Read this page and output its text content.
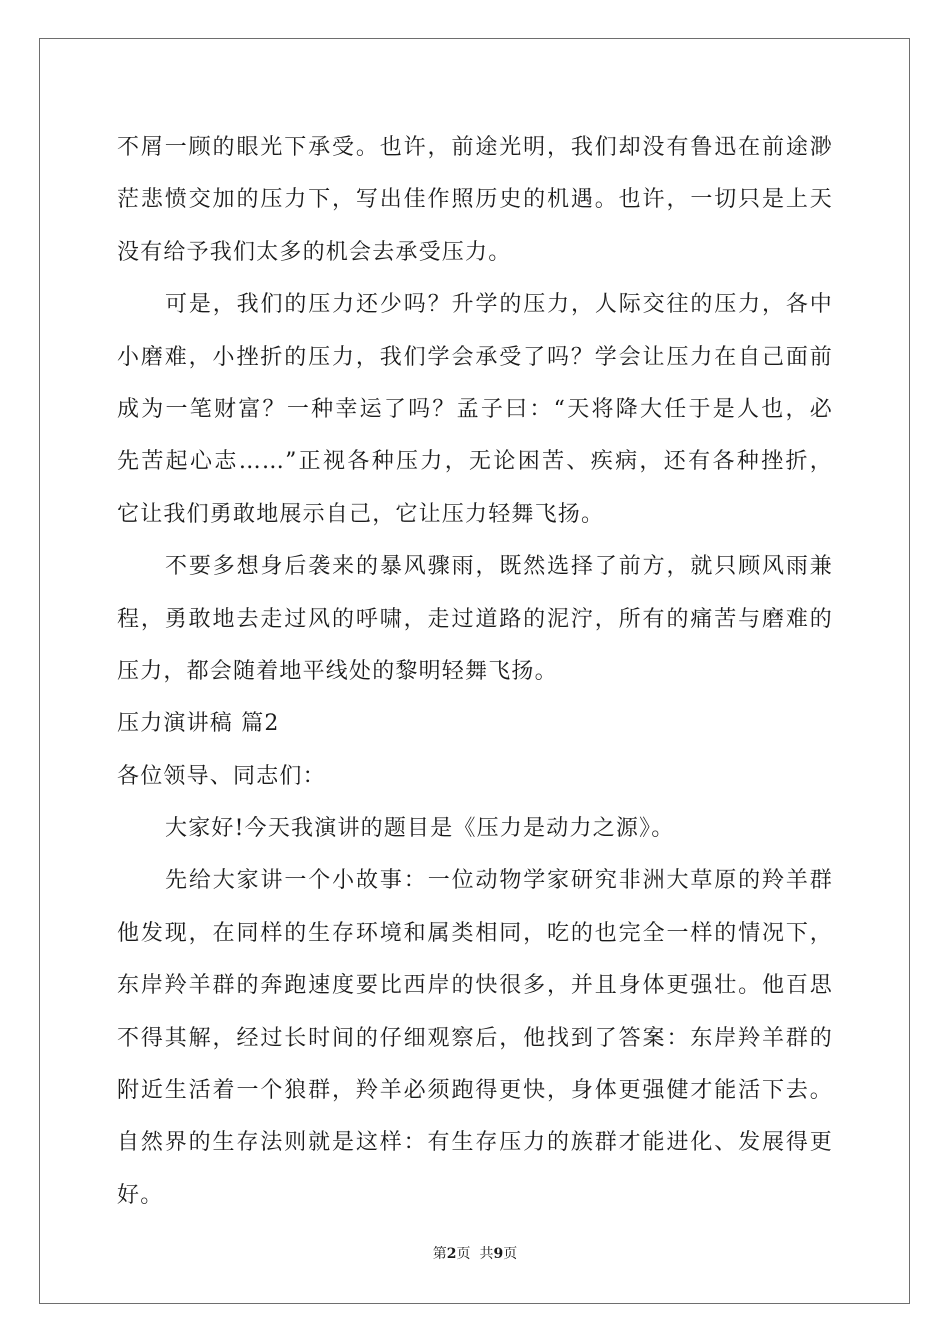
不屑一顾的眼光下承受。也许，前途光明，我们却没有鲁迅在前途渺
茫悲愤交加的压力下，写出佳作照历史的机遇。也许，一切只是上天
没有给予我们太多的机会去承受压力。
可是，我们的压力还少吗？升学的压力，人际交往的压力，各中
小磨难，小挫折的压力，我们学会承受了吗？学会让压力在自己面前
成为一笔财富？一种幸运了吗？孟子曰：“天将降大任于是人也，必
先苦起心志……”正视各种压力，无论困苦、疾病，还有各种挫折，
它让我们勇敢地展示自己，它让压力轻舞飞扬。
不要多想身后袭来的暴风骤雨，既然选择了前方，就只顾风雨兼
程，勇敢地去走过风的呼啸，走过道路的泥泞，所有的痛苦与磨难的
压力，都会随着地平线处的黎明轻舞飞扬。
压力演讲稿 篇2
各位领导、同志们：
大家好!今天我演讲的题目是《压力是动力之源》。
先给大家讲一个小故事：一位动物学家研究非洲大草原的羚羊群
他发现，在同样的生存环境和属类相同，吃的也完全一样的情况下，
东岸羚羊群的奔跑速度要比西岸的快很多，并且身体更强壮。他百思
不得其解，经过长时间的仔细观察后，他找到了答案：东岸羚羊群的
附近生活着一个狼群，羚羊必须跑得更快，身体更强健才能活下去。
自然界的生存法则就是这样：有生存压力的族群才能进化、发展得更
好。
第2页  共9页
